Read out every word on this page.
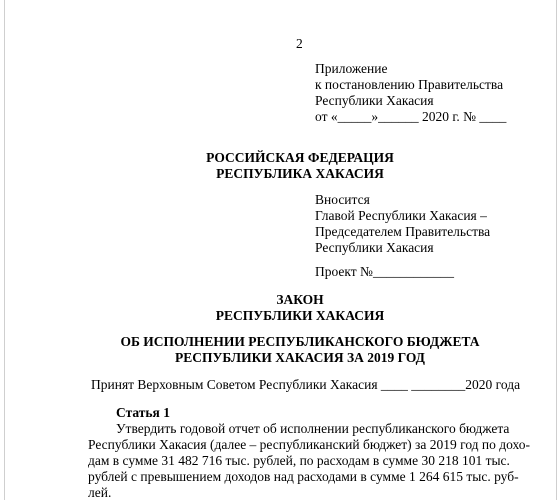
2
Приложение
к постановлению Правительства
Республики Хакасия
от «_____»______ 2020 г. № ____
РОССИЙСКАЯ ФЕДЕРАЦИЯ
РЕСПУБЛИКА ХАКАСИЯ
Вносится
Главой Республики Хакасия –
Председателем Правительства
Республики Хакасия
Проект №____________
ЗАКОН
РЕСПУБЛИКИ ХАКАСИЯ
ОБ ИСПОЛНЕНИИ РЕСПУБЛИКАНСКОГО БЮДЖЕТА
РЕСПУБЛИКИ ХАКАСИЯ ЗА 2019 ГОД
Принят Верховным Советом Республики Хакасия ____ ________2020 года
Статья 1
Утвердить годовой отчет об исполнении республиканского бюджета
Республики Хакасия (далее – республиканский бюджет) за 2019 год по дохо-
дам в сумме 31 482 716 тыс. рублей, по расходам в сумме 30 218 101 тыс.
рублей с превышением доходов над расходами в сумме 1 264 615 тыс. руб-
лей.
